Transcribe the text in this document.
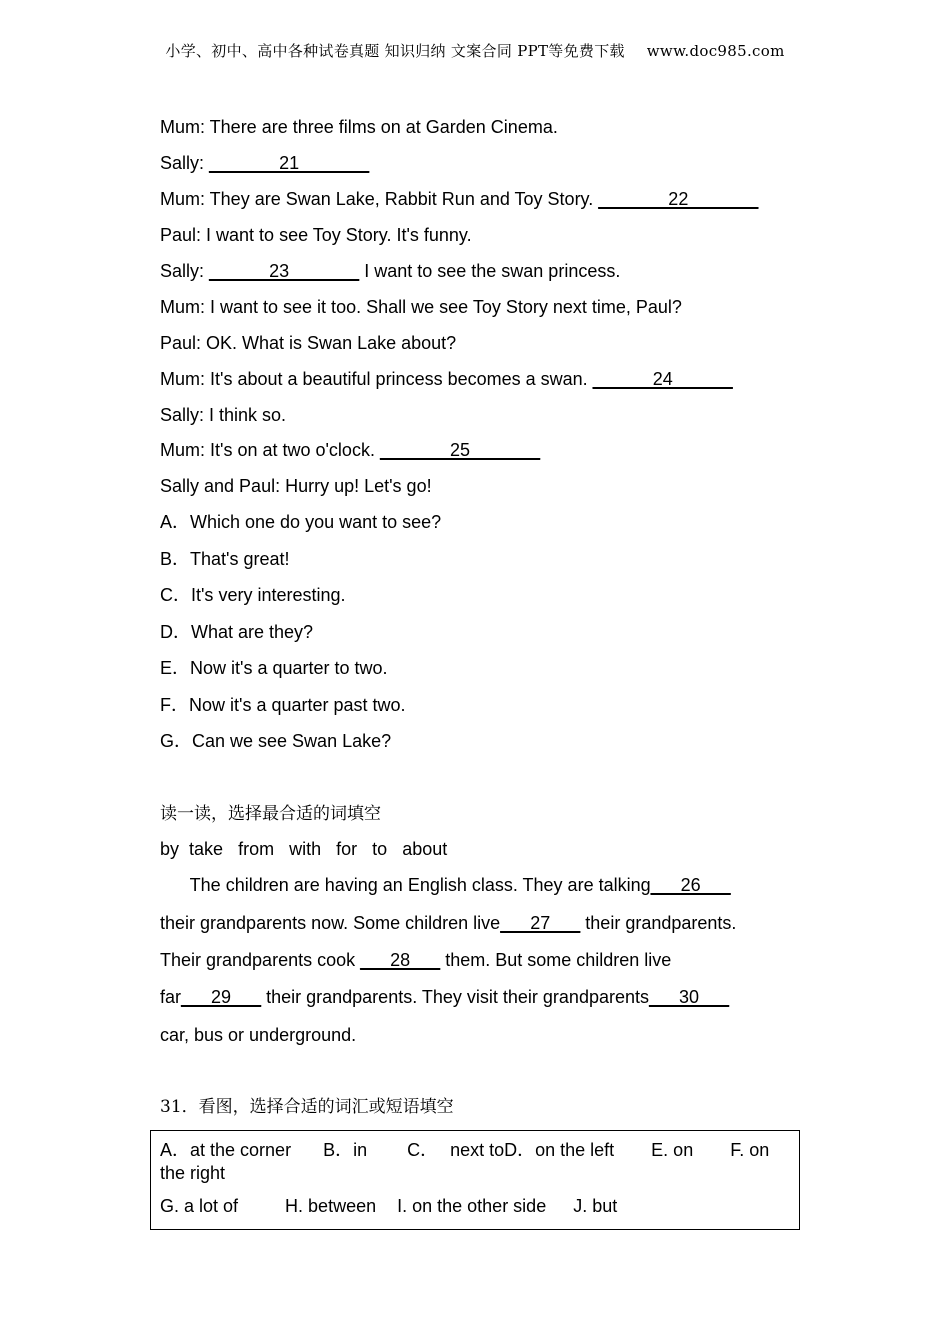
小学、初中、高中各种试卷真题 知识归纳 文案合同 PPT等免费下载 www.doc985.com
Mum: There are three films on at Garden Cinema.
Sally: _______21_______
Mum: They are Swan Lake, Rabbit Run and Toy Story. _______22_______
Paul: I want to see Toy Story. It's funny.
Sally: ______23_______ I want to see the swan princess.
Mum: I want to see it too. Shall we see Toy Story next time, Paul?
Paul: OK. What is Swan Lake about?
Mum: It's about a beautiful princess becomes a swan. ______24______
Sally: I think so.
Mum: It's on at two o'clock. _______25_______
Sally and Paul: Hurry up! Let's go!
A．Which one do you want to see?
B．That's great!
C．It's very interesting.
D．What are they?
E．Now it's a quarter to two.
F．Now it's a quarter past two.
G．Can we see Swan Lake?
读一读，选择最合适的词填空
by take from with for to about
The children are having an English class. They are talking___26___
their grandparents now. Some children live___27___ their grandparents.
Their grandparents cook ___28___ them. But some children live
far___29___ their grandparents. They visit their grandparents___30___
car, bus or underground.
31．看图，选择合适的词汇或短语填空
A．at the corner B．in C． next toD．on the left E. on F. on
the right
G. a lot of	H. between I. on the other side J. but
